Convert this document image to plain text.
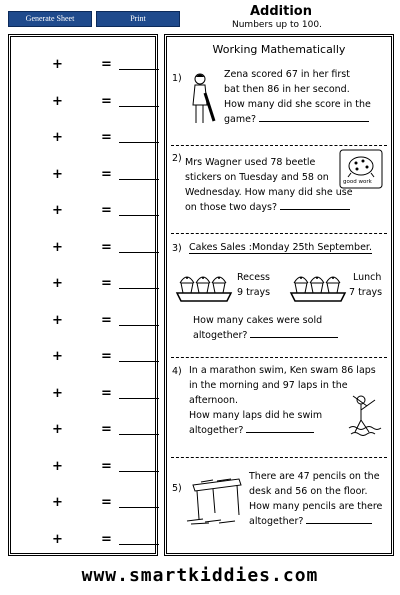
Generate Sheet	Print	Addition
Numbers up to 100.
+	=
+	=
+	=
+	=
+	=
+	=
+	=
+	=
+	=
+	=
+	=
+	=
+	=
+	=
Working Mathematically
1)	Zena scored 67 in her first
bat then 86 in her second.
How many did she score in the
game?
2) Mrs Wagner used 78 beetle
stickers on Tuesday and 58 on
Wednesday. How many did she use
on those two days?
good work
3) Cakes Sales :Monday 25th September.
Recess
9 trays
Lunch
7 trays
How many cakes were sold
altogether?
4) In a marathon swim, Ken swam 86 laps
in the morning and 97 laps in the
afternoon.
How many laps did he swim
altogether?
5)
There are 47 pencils on the
desk and 56 on the floor.
How many pencils are there
altogether?
www.smartkiddies.com
